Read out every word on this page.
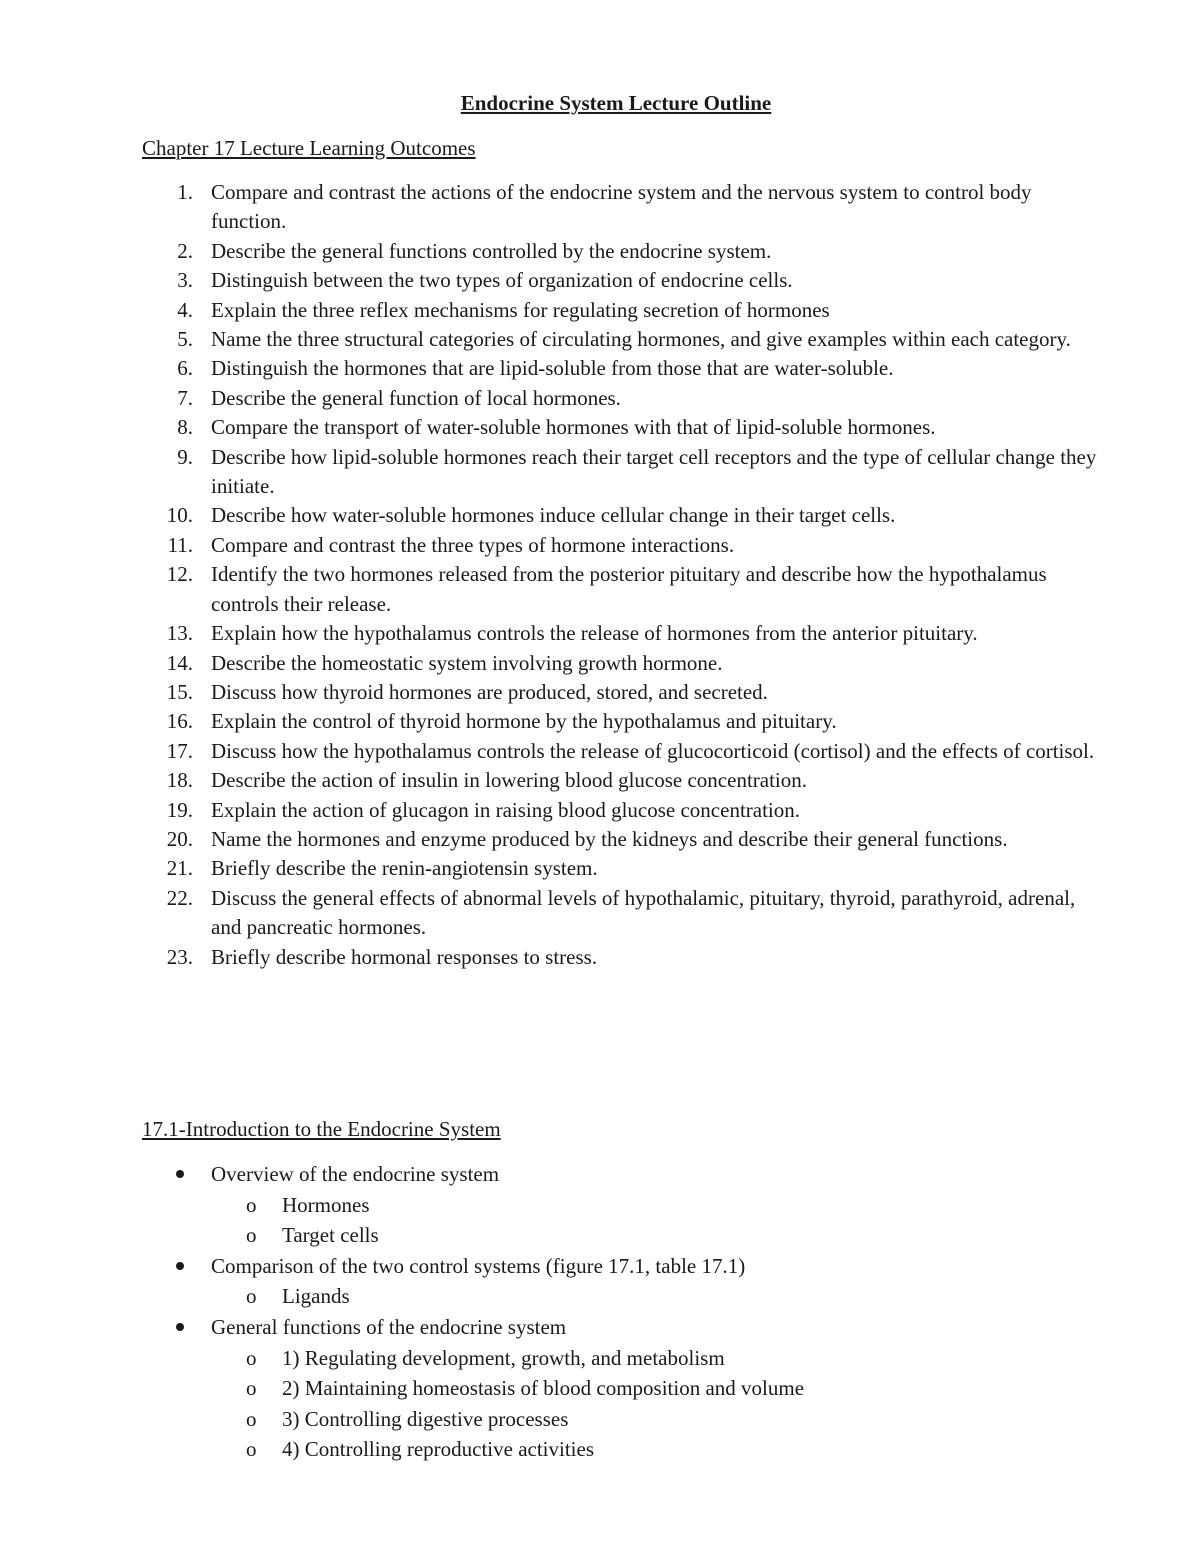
Endocrine System Lecture Outline
Chapter 17 Lecture Learning Outcomes
1. Compare and contrast the actions of the endocrine system and the nervous system to control body function.
2. Describe the general functions controlled by the endocrine system.
3. Distinguish between the two types of organization of endocrine cells.
4. Explain the three reflex mechanisms for regulating secretion of hormones
5. Name the three structural categories of circulating hormones, and give examples within each category.
6. Distinguish the hormones that are lipid-soluble from those that are water-soluble.
7. Describe the general function of local hormones.
8. Compare the transport of water-soluble hormones with that of lipid-soluble hormones.
9. Describe how lipid-soluble hormones reach their target cell receptors and the type of cellular change they initiate.
10. Describe how water-soluble hormones induce cellular change in their target cells.
11. Compare and contrast the three types of hormone interactions.
12. Identify the two hormones released from the posterior pituitary and describe how the hypothalamus controls their release.
13. Explain how the hypothalamus controls the release of hormones from the anterior pituitary.
14. Describe the homeostatic system involving growth hormone.
15. Discuss how thyroid hormones are produced, stored, and secreted.
16. Explain the control of thyroid hormone by the hypothalamus and pituitary.
17. Discuss how the hypothalamus controls the release of glucocorticoid (cortisol) and the effects of cortisol.
18. Describe the action of insulin in lowering blood glucose concentration.
19. Explain the action of glucagon in raising blood glucose concentration.
20. Name the hormones and enzyme produced by the kidneys and describe their general functions.
21. Briefly describe the renin-angiotensin system.
22. Discuss the general effects of abnormal levels of hypothalamic, pituitary, thyroid, parathyroid, adrenal, and pancreatic hormones.
23. Briefly describe hormonal responses to stress.
17.1-Introduction to the Endocrine System
Overview of the endocrine system
o Hormones
o Target cells
Comparison of the two control systems (figure 17.1, table 17.1)
o Ligands
General functions of the endocrine system
o 1) Regulating development, growth, and metabolism
o 2) Maintaining homeostasis of blood composition and volume
o 3) Controlling digestive processes
o 4) Controlling reproductive activities
